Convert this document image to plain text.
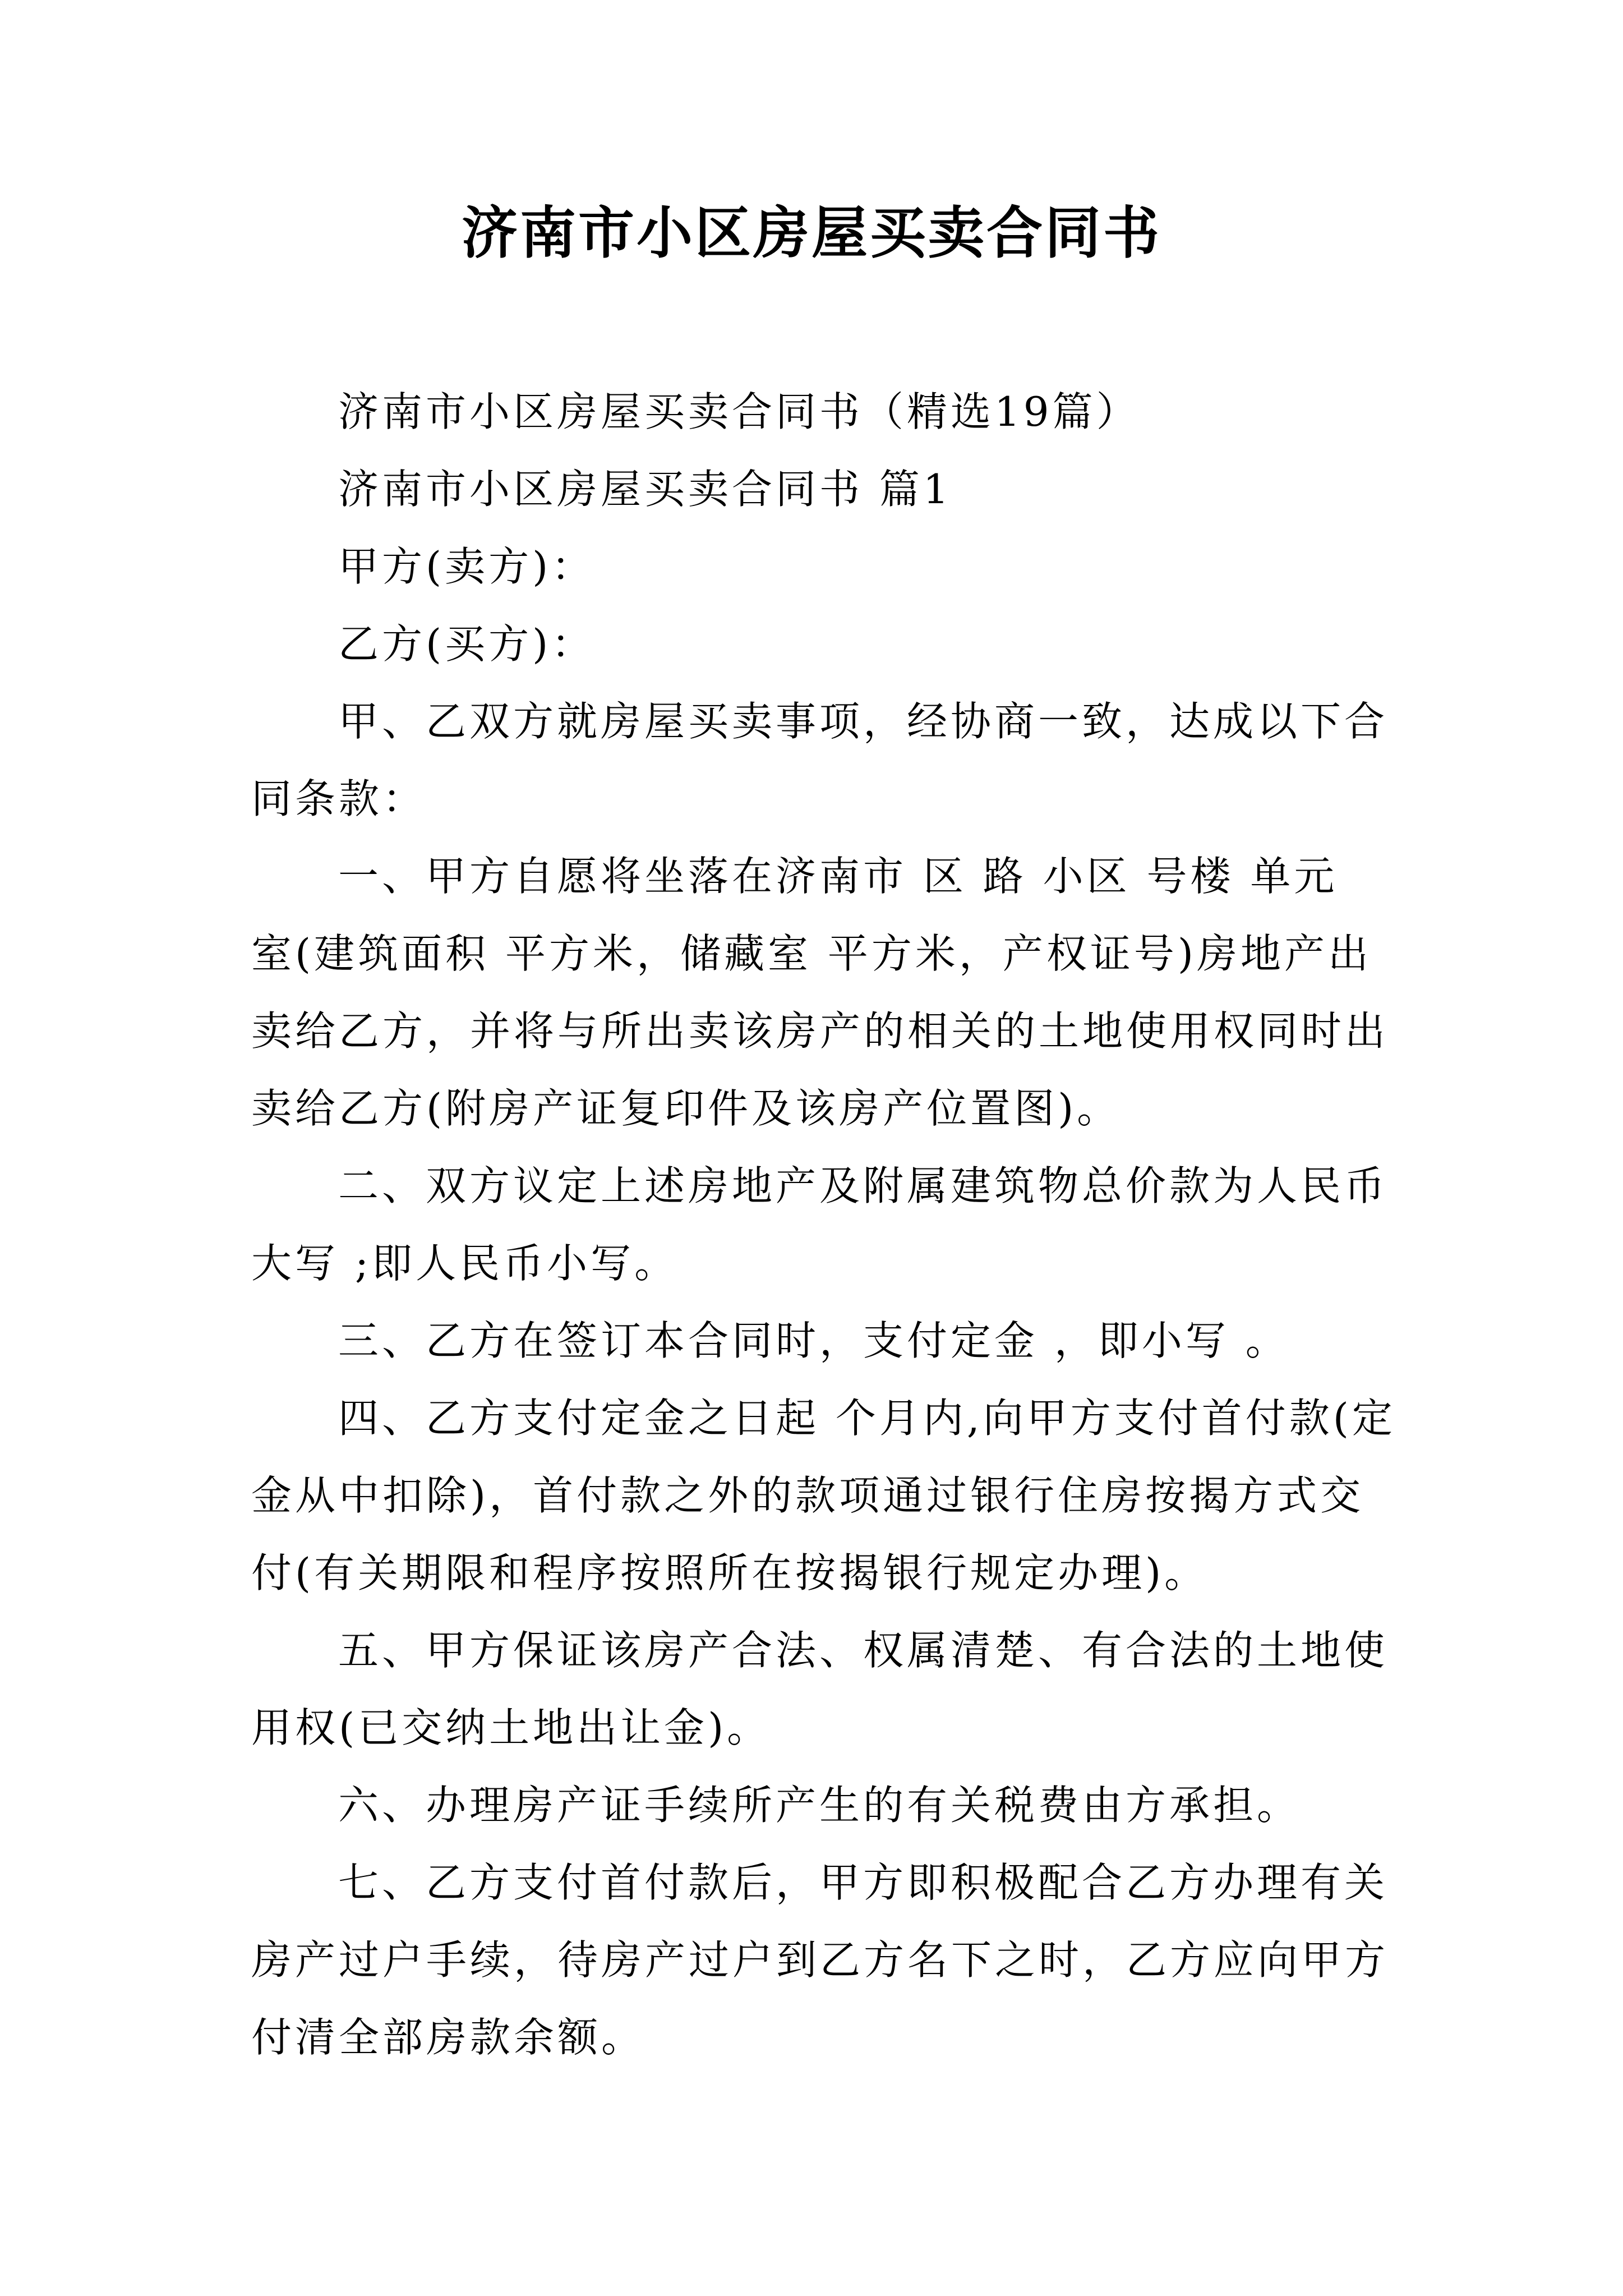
济南市小区房屋买卖合同书
济南市小区房屋买卖合同书（精选19篇）
济南市小区房屋买卖合同书 篇1
甲方(卖方)：
乙方(买方)：
甲、乙双方就房屋买卖事项，经协商一致，达成以下合
同条款：
一、甲方自愿将坐落在济南市 区 路 小区 号楼 单元
室(建筑面积 平方米，储藏室 平方米，产权证号)房地产出
卖给乙方，并将与所出卖该房产的相关的土地使用权同时出
卖给乙方(附房产证复印件及该房产位置图)。
二、双方议定上述房地产及附属建筑物总价款为人民币
大写 ;即人民币小写。
三、乙方在签订本合同时，支付定金 ，即小写 。
四、乙方支付定金之日起 个月内,向甲方支付首付款(定
金从中扣除)，首付款之外的款项通过银行住房按揭方式交
付(有关期限和程序按照所在按揭银行规定办理)。
五、甲方保证该房产合法、权属清楚、有合法的土地使
用权(已交纳土地出让金)。
六、办理房产证手续所产生的有关税费由方承担。
七、乙方支付首付款后，甲方即积极配合乙方办理有关
房产过户手续，待房产过户到乙方名下之时，乙方应向甲方
付清全部房款余额。
